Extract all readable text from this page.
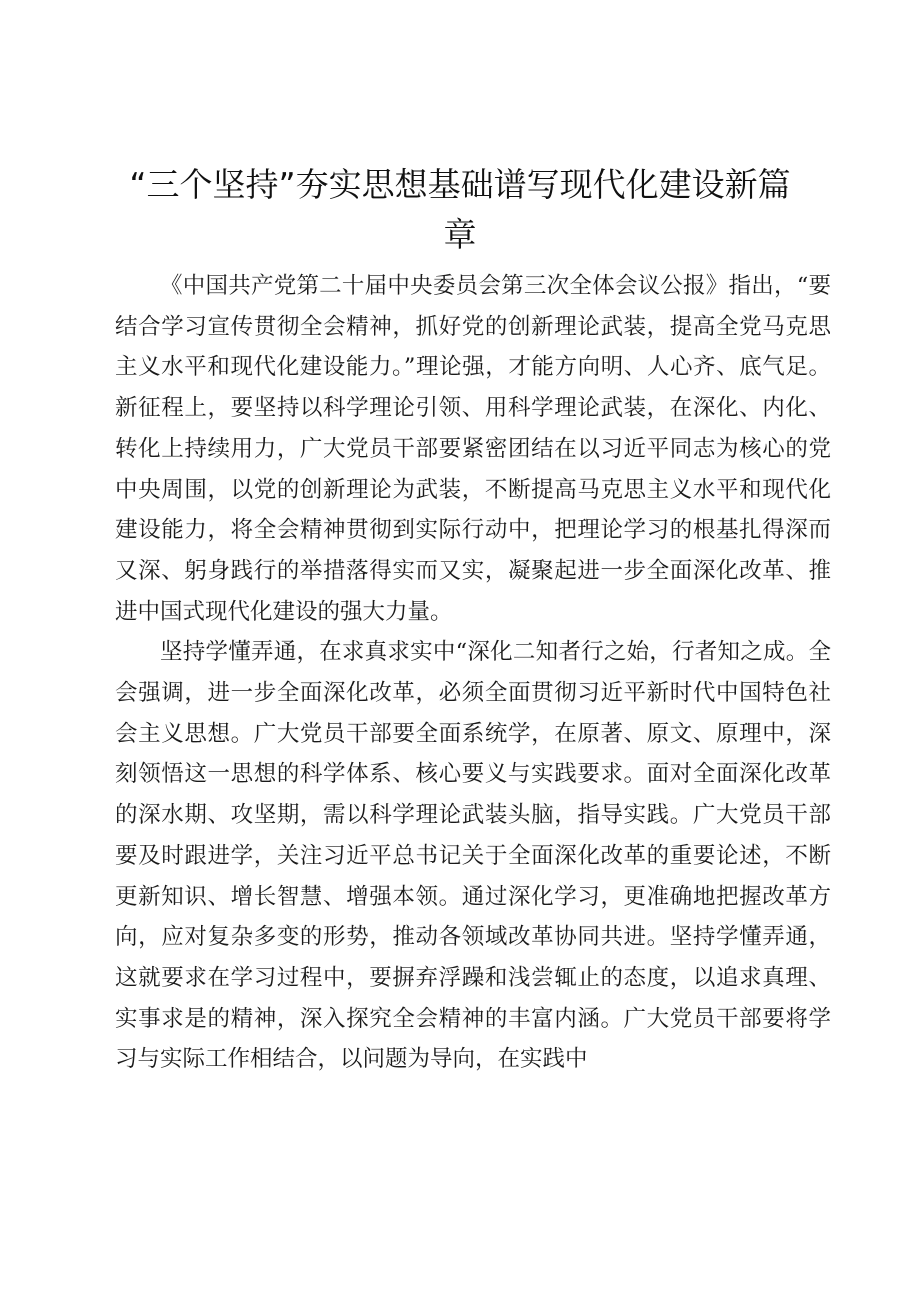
“三个坚持”夯实思想基础谱写现代化建设新篇章

《中国共产党第二十届中央委员会第三次全体会议公报》指出，“要结合学习宣传贯彻全会精神，抓好党的创新理论武装，提高全党马克思主义水平和现代化建设能力。”理论强，才能方向明、人心齐、底气足。新征程上，要坚持以科学理论引领、用科学理论武装，在深化、内化、转化上持续用力，广大党员干部要紧密团结在以习近平同志为核心的党中央周围，以党的创新理论为武装，不断提高马克思主义水平和现代化建设能力，将全会精神贯彻到实际行动中，把理论学习的根基扎得深而又深、躬身践行的举措落得实而又实，凝聚起进一步全面深化改革、推进中国式现代化建设的强大力量。

坚持学懂弄通，在求真求实中“深化二知者行之始，行者知之成。全会强调，进一步全面深化改革，必须全面贯彻习近平新时代中国特色社会主义思想。广大党员干部要全面系统学，在原著、原文、原理中，深刻领悟这一思想的科学体系、核心要义与实践要求。面对全面深化改革的深水期、攻坚期，需以科学理论武装头脑，指导实践。广大党员干部要及时跟进学，关注习近平总书记关于全面深化改革的重要论述，不断更新知识、增长智慧、增强本领。通过深化学习，更准确地把握改革方向，应对复杂多变的形势，推动各领域改革协同共进。坚持学懂弄通，这就要求在学习过程中，要摒弃浮躁和浅尝辄止的态度，以追求真理、实事求是的精神，深入探究全会精神的丰富内涵。广大党员干部要将学习与实际工作相结合，以问题为导向，在实践中
